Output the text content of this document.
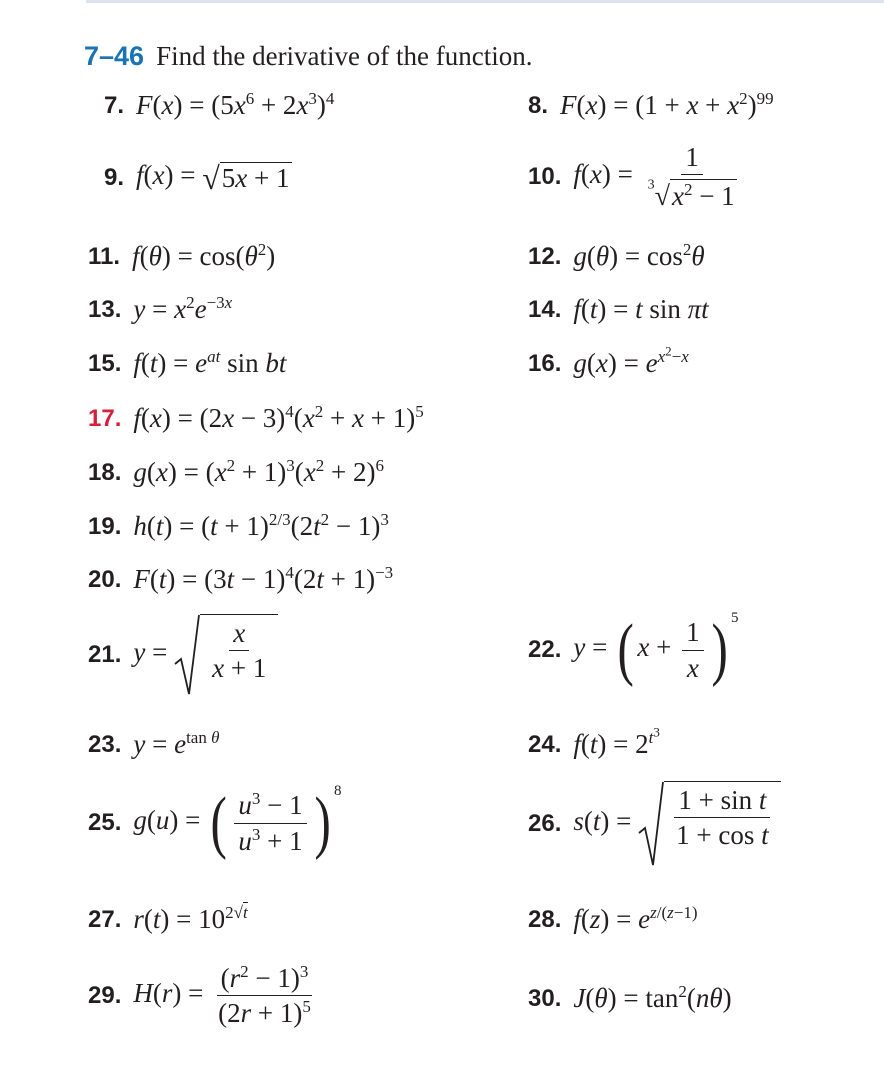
7–46 Find the derivative of the function.
7. $F(x) = (5x^6 + 2x^3)^4$	8. $F(x) = (1 + x + x^2)^{99}$
9. f(x) = √ 5x + 1	10. $f(x) = \frac{1}{^3 √ x^2 - 1}$
11. $f(\theta) = \cos(\theta^2)$	12. $g(\theta) = \cos^2\theta$
13. $y = x^2e^{-3x}$	14. f(t) = t sin πt
15. $f(t) = e^{at}$ sin bt	16. $g(x) = e^{x^2-x}$
17. $f(x) = (2x - 3)^4(x^2 + x + 1)^5$
18. $g(x) = (x^2 + 1)^3(x^2 + 2)^6$
19. $h(t) = (t + 1)^{2/3}(2t^2 - 1)^3$
20. $F(t) = (3t - 1)^4(2t + 1)^{-3}$
21. $y = \frac{x}{x + 1}$	22. y = ( $x + \frac{1}{x}$ ) $^5$
23. $y = e^{tan \theta}$	24. $f(t) = 2^{t^3}$
25. g(u) = ( $\frac{u^3 - 1}{u^3 + 1}$ ) $^8$
26. $s(t) = \frac{\text{1 + sin t}}{\text{1 + cos t}}$
27. $r(t) = 10^{2√t}$	28. $f(z) = e^{z/(z-1)}$
29. $H(r) = \frac{(r^2 - 1)^3}{(2r + 1)^5}$	30. $J(\theta) = \tan^2(n\theta)$
